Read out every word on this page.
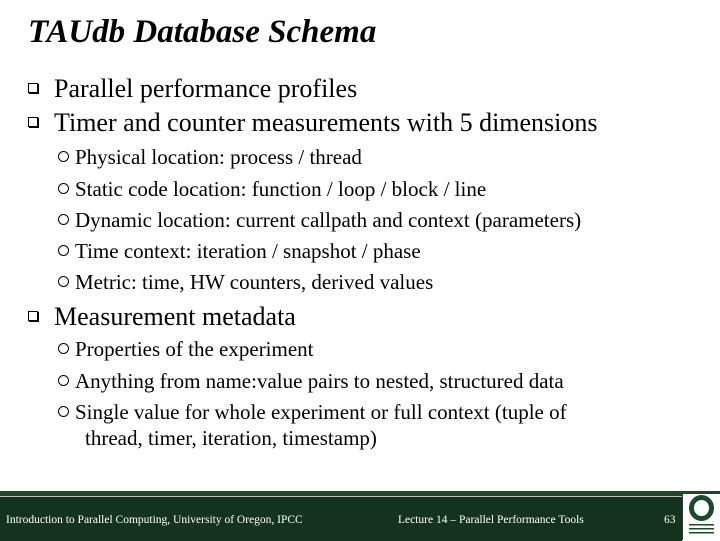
TAUdb Database Schema
Parallel performance profiles
Timer and counter measurements with 5 dimensions
Physical location: process / thread
Static code location: function / loop / block / line
Dynamic location: current callpath and context (parameters)
Time context: iteration / snapshot / phase
Metric: time, HW counters, derived values
Measurement metadata
Properties of the experiment
Anything from name:value pairs to nested, structured data
Single value for whole experiment or full context (tuple of
thread, timer, iteration, timestamp)
Introduction to Parallel Computing, University of Oregon, IPCC	Lecture 14 – Parallel Performance Tools	63
